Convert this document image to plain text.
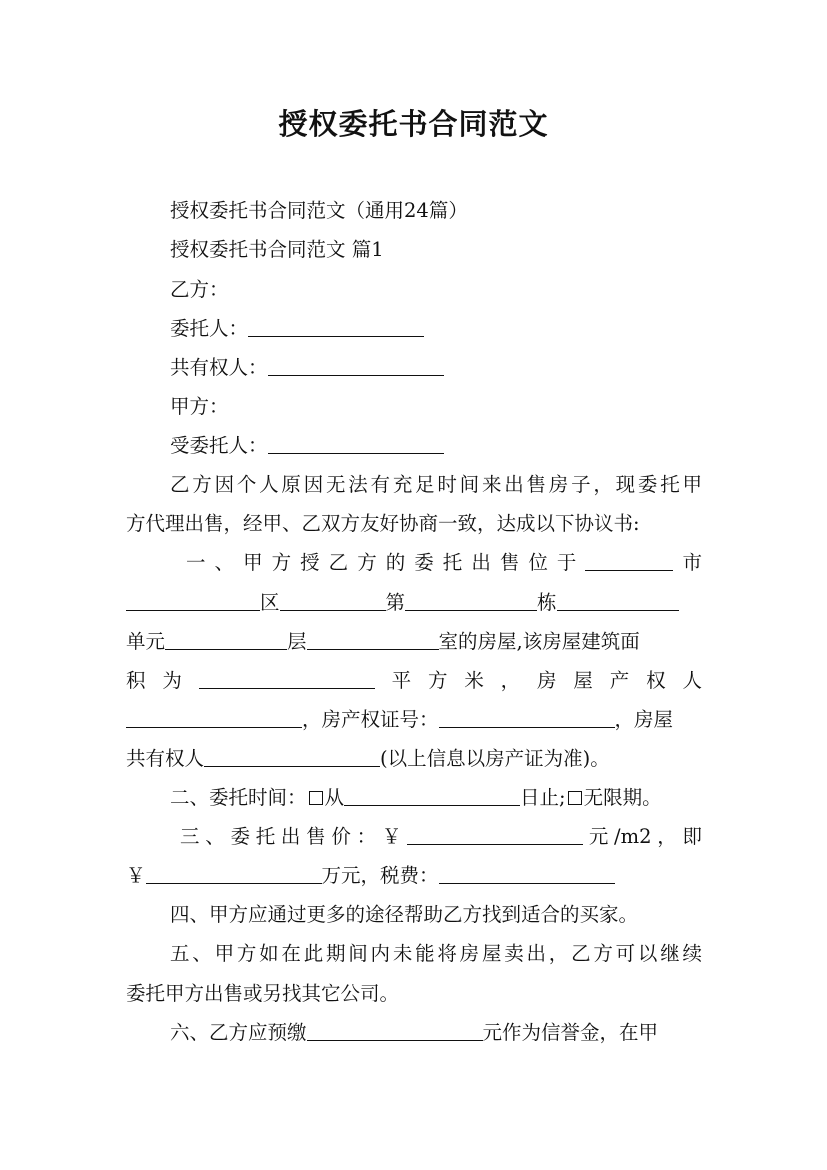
授权委托书合同范文
授权委托书合同范文（通用24篇）
授权委托书合同范文 篇1
乙方：
委托人：
共有权人：
甲方：
受委托人：
乙方因个人原因无法有充足时间来出售房子，现委托甲
方代理出售，经甲、乙双方友好协商一致，达成以下协议书:
一、甲方授乙方的委托出售位于	市
区	第	栋
单元	层	室的房屋,该房屋建筑面
积为	平方米，房屋产权人
，房产权证号：	，房屋
共有权人	(以上信息以房产证为准)。
二、委托时间： 从	日止; 无限期。
三、委托出售价：￥	元/m2，即
￥	万元，税费：
四、甲方应通过更多的途径帮助乙方找到适合的买家。
五、甲方如在此期间内未能将房屋卖出，乙方可以继续
委托甲方出售或另找其它公司。
六、乙方应预缴	元作为信誉金，在甲
